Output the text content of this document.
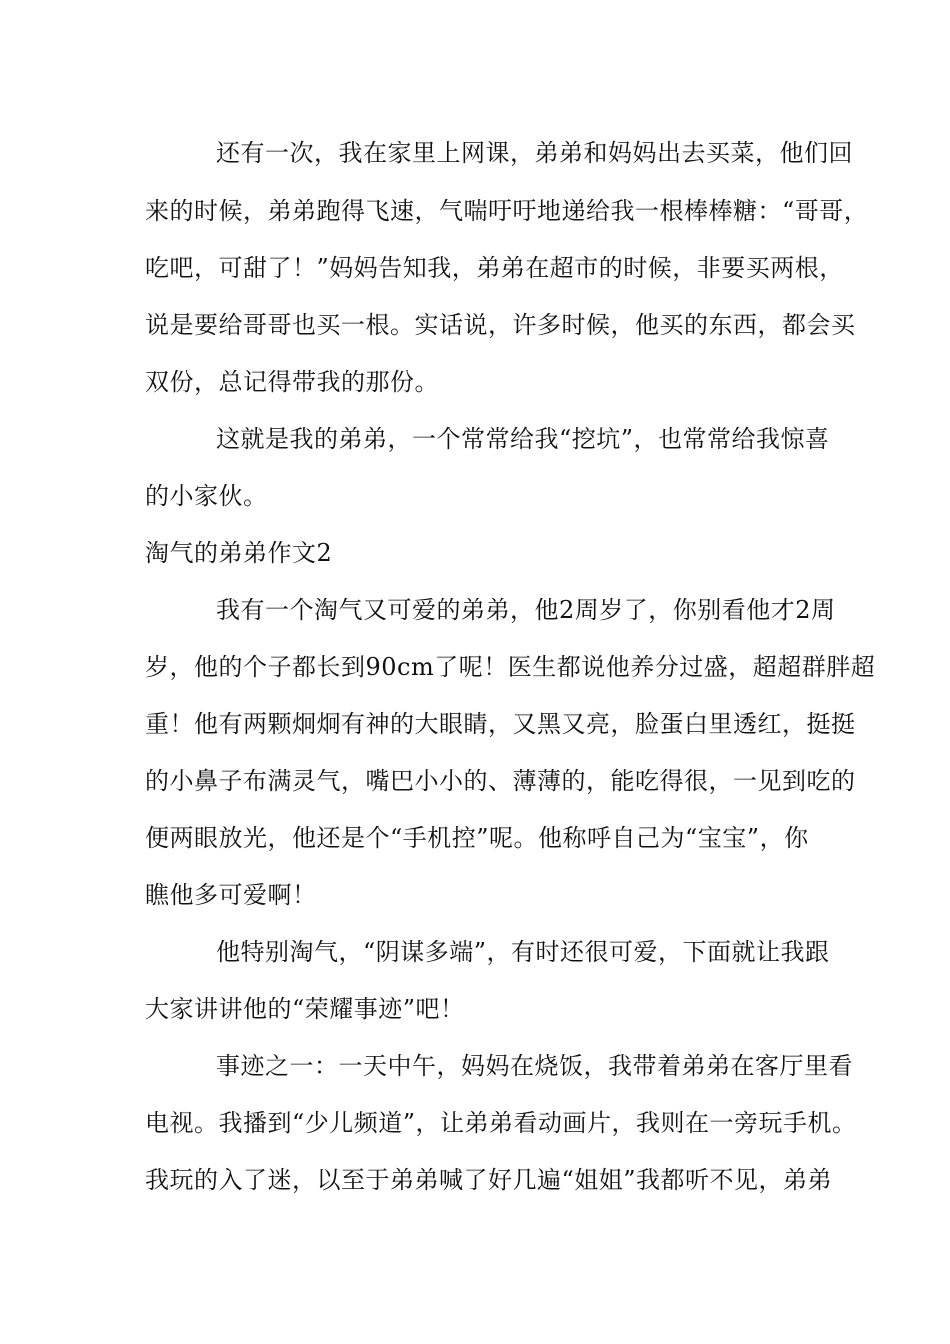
还有一次，我在家里上网课，弟弟和妈妈出去买菜，他们回
来的时候，弟弟跑得飞速，气喘吁吁地递给我一根棒棒糖：“哥哥，
吃吧，可甜了！”妈妈告知我，弟弟在超市的时候，非要买两根，
说是要给哥哥也买一根。实话说，许多时候，他买的东西，都会买
双份，总记得带我的那份。
这就是我的弟弟，一个常常给我“挖坑”，也常常给我惊喜
的小家伙。
淘气的弟弟作文2
我有一个淘气又可爱的弟弟，他2周岁了，你别看他才2周
岁，他的个子都长到90cm了呢！医生都说他养分过盛，超超群胖超
重！他有两颗炯炯有神的大眼睛，又黑又亮，脸蛋白里透红，挺挺
的小鼻子布满灵气，嘴巴小小的、薄薄的，能吃得很，一见到吃的
便两眼放光，他还是个“手机控”呢。他称呼自己为“宝宝”，你
瞧他多可爱啊！
他特别淘气，“阴谋多端”，有时还很可爱，下面就让我跟
大家讲讲他的“荣耀事迹”吧！
事迹之一：一天中午，妈妈在烧饭，我带着弟弟在客厅里看
电视。我播到“少儿频道”，让弟弟看动画片，我则在一旁玩手机。
我玩的入了迷，以至于弟弟喊了好几遍“姐姐”我都听不见，弟弟
